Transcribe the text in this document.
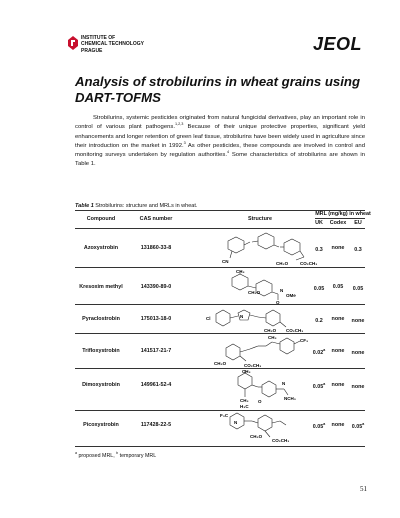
INSTITUTE OF
CHEMICAL TECHNOLOGY
PRAGUE	JEOL
Analysis of strobilurins in wheat grains using DART-TOFMS
Strobilurins, systemic pesticides originated from natural fungicidal derivatives, play an important role in control of various plant pathogens.$^{1,2,3}$ Because of their unique protective properties, significant yield enhancements and longer retention of green leaf tissue, strobilurins have been widely used in agriculture since their introduction on the market in 1992.$^3$ As other pesticides, these compounds are involved in control and monitoring surveys undertaken by regulation authorities.$^4$ Some characteristics of strobilurins are shown in Table 1.
Table 1 Strobilurins: structure and MRLs in wheat.
Compound	CAS number	Structure
MRL (mg/kg) in wheat
UK	Codex	EU
Azoxystrobin	131860-33-8
CN	CH₃O	CO₂CH₃
0.3	none	0.3
Kresoxim methyl	143390-89-0
CH₃
CH₃O	N
OMe
O
0.05	0.05	0.05
Pyraclostrobin	175013-18-0	Cl	N
CH₃O CO₂CH₃
0.2	none	none
Trifloxystrobin	141517-21-7
CH₃
CF₃
CH₃O	CO₂CH₃
0.02$^a$	none	none
Dimoxystrobin	149961-52-4
CH₃
N
NCH₃
CH₃
H₃C
O
0.05$^a$	none	none
Picoxystrobin	117428-22-5
F₃C
N
CH₃O
CO₂CH₃
0.05$^a$	none	0.05$^a$
$^a$ proposed MRL, $^b$ temporary MRL
51
